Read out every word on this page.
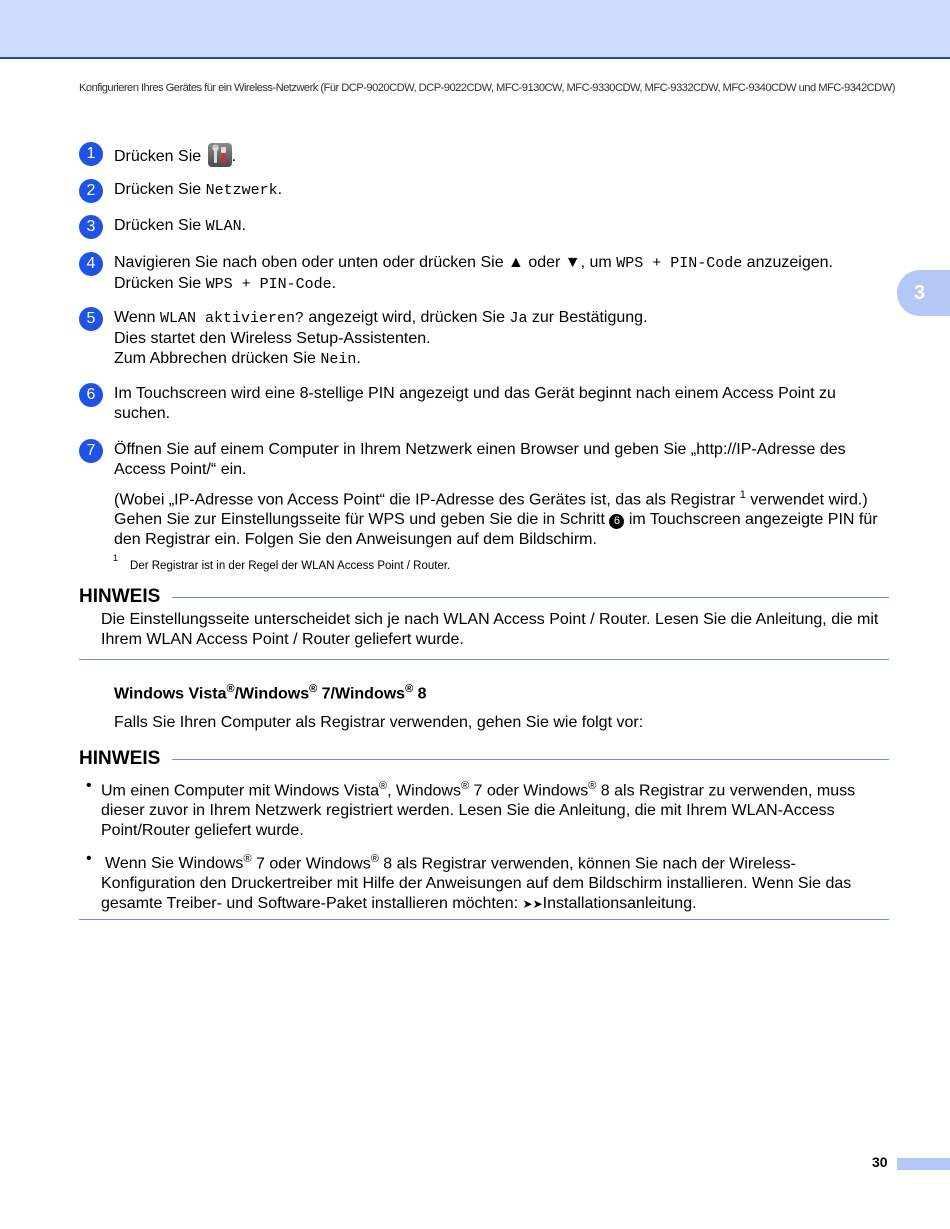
Konfigurieren Ihres Gerätes für ein Wireless-Netzwerk (Für DCP-9020CDW, DCP-9022CDW, MFC-9130CW, MFC-9330CDW, MFC-9332CDW, MFC-9340CDW und MFC-9342CDW)
3
1	Drücken Sie
.
2	Drücken Sie Netzwerk.
3	Drücken Sie WLAN.
4	Navigieren Sie nach oben oder unten oder drücken Sie ▲ oder ▼, um WPS + PIN-Code anzuzeigen.
Drücken Sie WPS + PIN-Code.
5	Wenn WLAN aktivieren? angezeigt wird, drücken Sie Ja zur Bestätigung.
Dies startet den Wireless Setup-Assistenten.
Zum Abbrechen drücken Sie Nein.
6	Im Touchscreen wird eine 8-stellige PIN angezeigt und das Gerät beginnt nach einem Access Point zu suchen.
7	Öffnen Sie auf einem Computer in Ihrem Netzwerk einen Browser und geben Sie „http://IP-Adresse des Access Point/“ ein.
(Wobei „IP-Adresse von Access Point“ die IP-Adresse des Gerätes ist, das als Registrar $^1$ verwendet wird.) Gehen Sie zur Einstellungsseite für WPS und geben Sie die in Schritt 6 im Touchscreen angezeigte PIN für den Registrar ein. Folgen Sie den Anweisungen auf dem Bildschirm.
$^1$Der Registrar ist in der Regel der WLAN Access Point / Router.
HINWEIS
Die Einstellungsseite unterscheidet sich je nach WLAN Access Point / Router. Lesen Sie die Anleitung, die mit Ihrem WLAN Access Point / Router geliefert wurde.
Windows Vista®/Windows® 7/Windows® 8
Falls Sie Ihren Computer als Registrar verwenden, gehen Sie wie folgt vor:
HINWEIS
• Um einen Computer mit Windows Vista®, Windows® 7 oder Windows® 8 als Registrar zu verwenden, muss dieser zuvor in Ihrem Netzwerk registriert werden. Lesen Sie die Anleitung, die mit Ihrem WLAN-Access Point/Router geliefert wurde.
• Wenn Sie Windows® 7 oder Windows® 8 als Registrar verwenden, können Sie nach der Wireless-Konfiguration den Druckertreiber mit Hilfe der Anweisungen auf dem Bildschirm installieren. Wenn Sie das gesamte Treiber- und Software-Paket installieren möchten: ➤➤Installationsanleitung.
30
